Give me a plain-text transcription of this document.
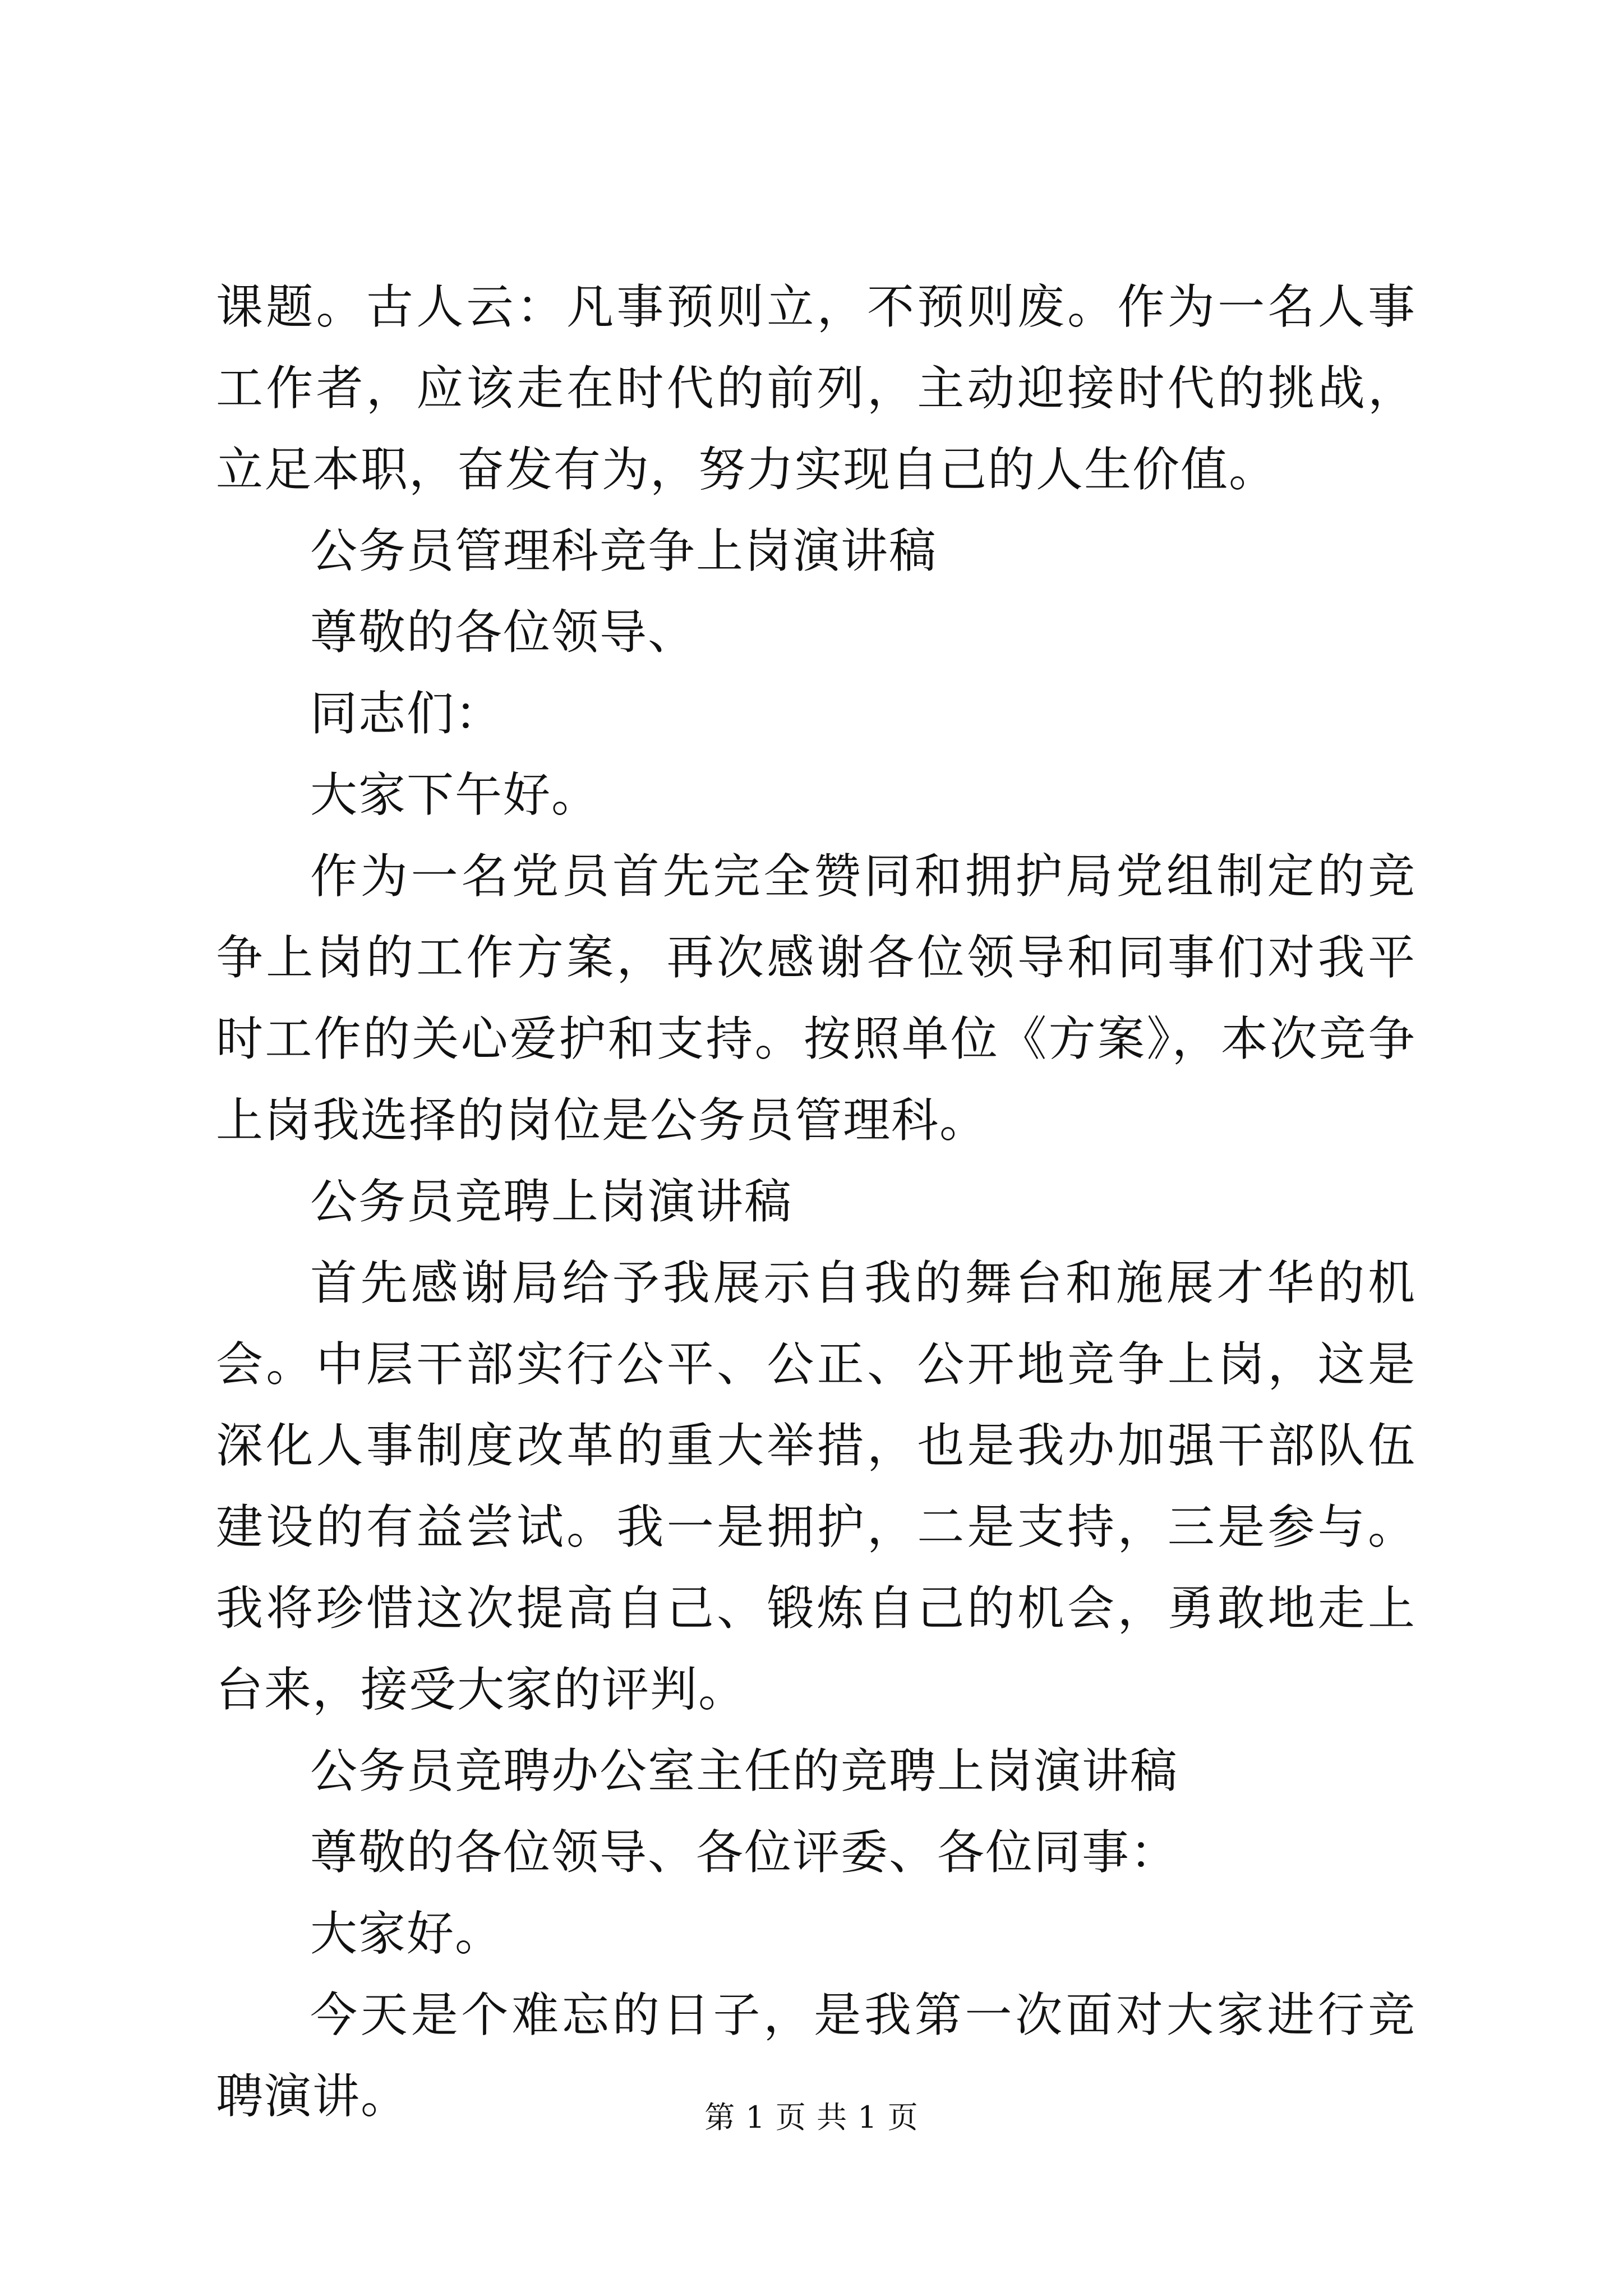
课题。古人云：凡事预则立，不预则废。作为一名人事工作者，应该走在时代的前列，主动迎接时代的挑战，立足本职，奋发有为，努力实现自己的人生价值。

公务员管理科竞争上岗演讲稿

尊敬的各位领导、

同志们：

大家下午好。

作为一名党员首先完全赞同和拥护局党组制定的竞争上岗的工作方案，再次感谢各位领导和同事们对我平时工作的关心爱护和支持。按照单位《方案》，本次竞争上岗我选择的岗位是公务员管理科。

公务员竞聘上岗演讲稿

首先感谢局给予我展示自我的舞台和施展才华的机会。中层干部实行公平、公正、公开地竞争上岗，这是深化人事制度改革的重大举措，也是我办加强干部队伍建设的有益尝试。我一是拥护，二是支持，三是参与。我将珍惜这次提高自己、锻炼自己的机会，勇敢地走上台来，接受大家的评判。

公务员竞聘办公室主任的竞聘上岗演讲稿

尊敬的各位领导、各位评委、各位同事：

大家好。

今天是个难忘的日子，是我第一次面对大家进行竞聘演讲。	第 1 页 共 1 页
